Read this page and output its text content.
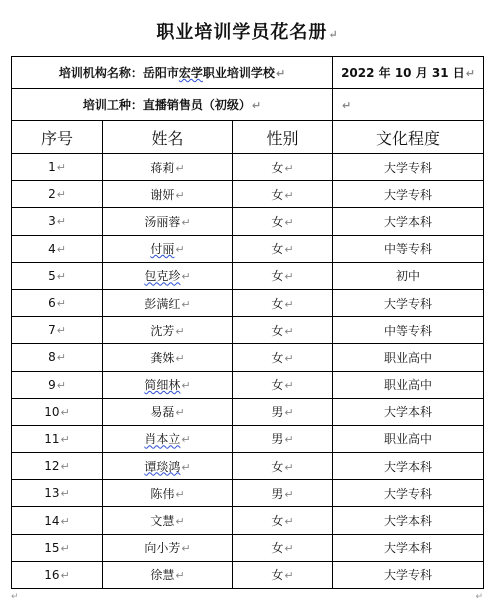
职业培训学员花名册↵
培训机构名称：岳阳市宏学职业培训学校↵			2022 年 10 月 31 日↵
培训工种：直播销售员（初级）↵			↵
序号	姓名	性别	文化程度
1↵	蒋莉↵	女↵	大学专科
2↵	谢妍↵	女↵	大学专科
3↵	汤丽蓉↵	女↵	大学本科
4↵	付丽↵	女↵	中等专科
5↵	包克珍↵	女↵	初中
6↵	彭满红↵	女↵	大学专科
7↵	沈芳↵	女↵	中等专科
8↵	龚姝↵	女↵	职业高中
9↵	简细林↵	女↵	职业高中
10↵	易磊↵	男↵	大学本科
11↵	肖本立↵	男↵	职业高中
12↵	谭琰鸿↵	女↵	大学本科
13↵	陈伟↵	男↵	大学专科
14↵	文慧↵	女↵	大学本科
15↵	向小芳↵	女↵	大学本科
16↵	徐慧↵	女↵	大学专科
↵	↵
